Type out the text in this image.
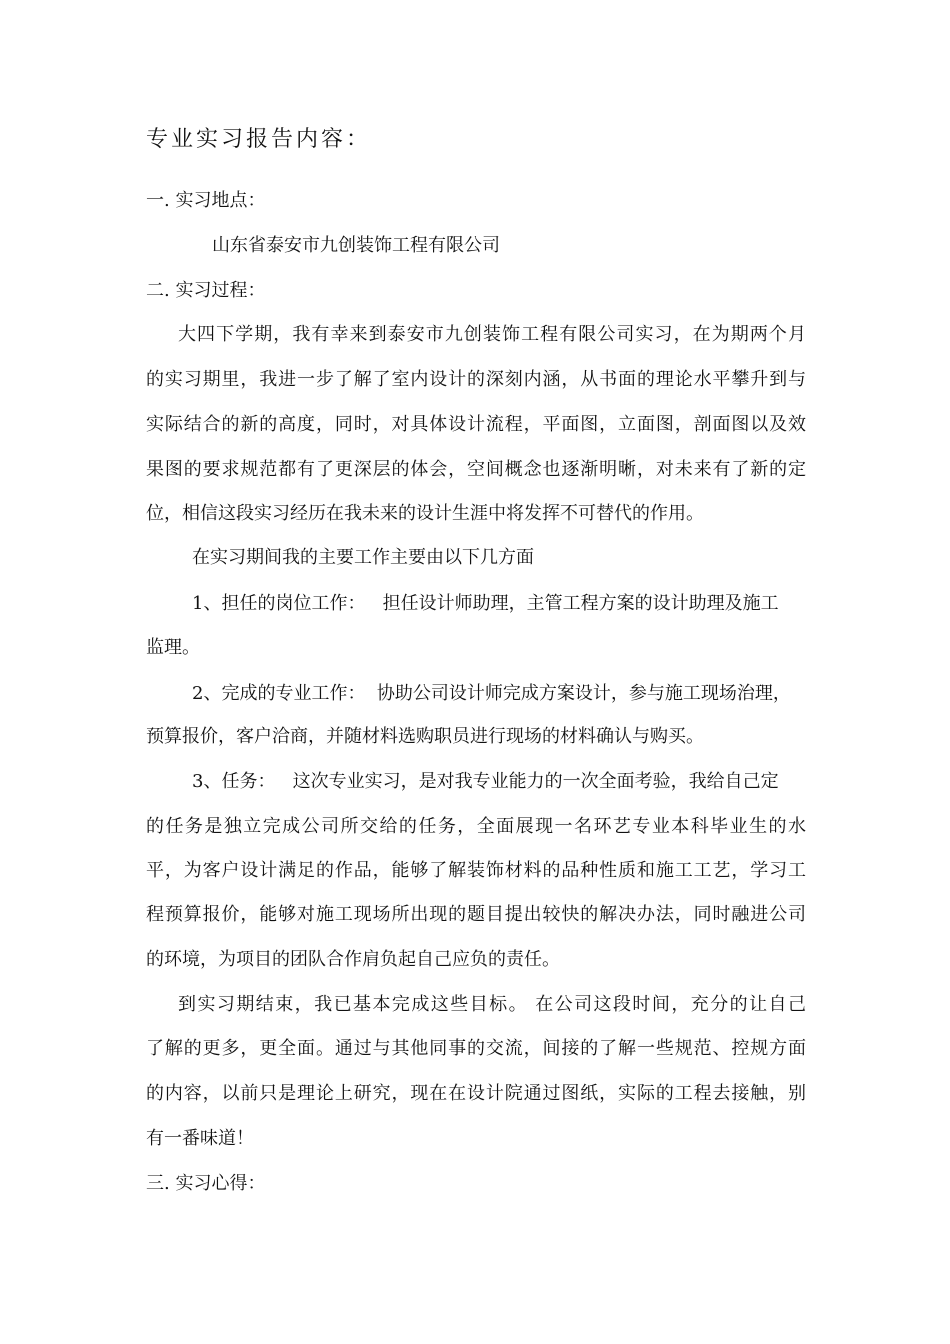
专业实习报告内容：
一. 实习地点：
山东省泰安市九创装饰工程有限公司
二. 实习过程：
大四下学期，我有幸来到泰安市九创装饰工程有限公司实习，在为期两个月
的实习期里，我进一步了解了室内设计的深刻内涵，从书面的理论水平攀升到与
实际结合的新的高度，同时，对具体设计流程，平面图，立面图，剖面图以及效
果图的要求规范都有了更深层的体会，空间概念也逐渐明晰，对未来有了新的定
位，相信这段实习经历在我未来的设计生涯中将发挥不可替代的作用。
在实习期间我的主要工作主要由以下几方面
1、担任的岗位工作：   担任设计师助理，主管工程方案的设计助理及施工
监理。
2、完成的专业工作：  协助公司设计师完成方案设计，参与施工现场治理，
预算报价，客户洽商，并随材料选购职员进行现场的材料确认与购买。
3、任务：   这次专业实习，是对我专业能力的一次全面考验，我给自己定
的任务是独立完成公司所交给的任务，全面展现一名环艺专业本科毕业生的水
平，为客户设计满足的作品，能够了解装饰材料的品种性质和施工工艺，学习工
程预算报价，能够对施工现场所出现的题目提出较快的解决办法，同时融进公司
的环境，为项目的团队合作肩负起自己应负的责任。
到实习期结束，我已基本完成这些目标。 在公司这段时间，充分的让自己
了解的更多，更全面。通过与其他同事的交流，间接的了解一些规范、控规方面
的内容，以前只是理论上研究，现在在设计院通过图纸，实际的工程去接触，别
有一番味道！
三. 实习心得：
